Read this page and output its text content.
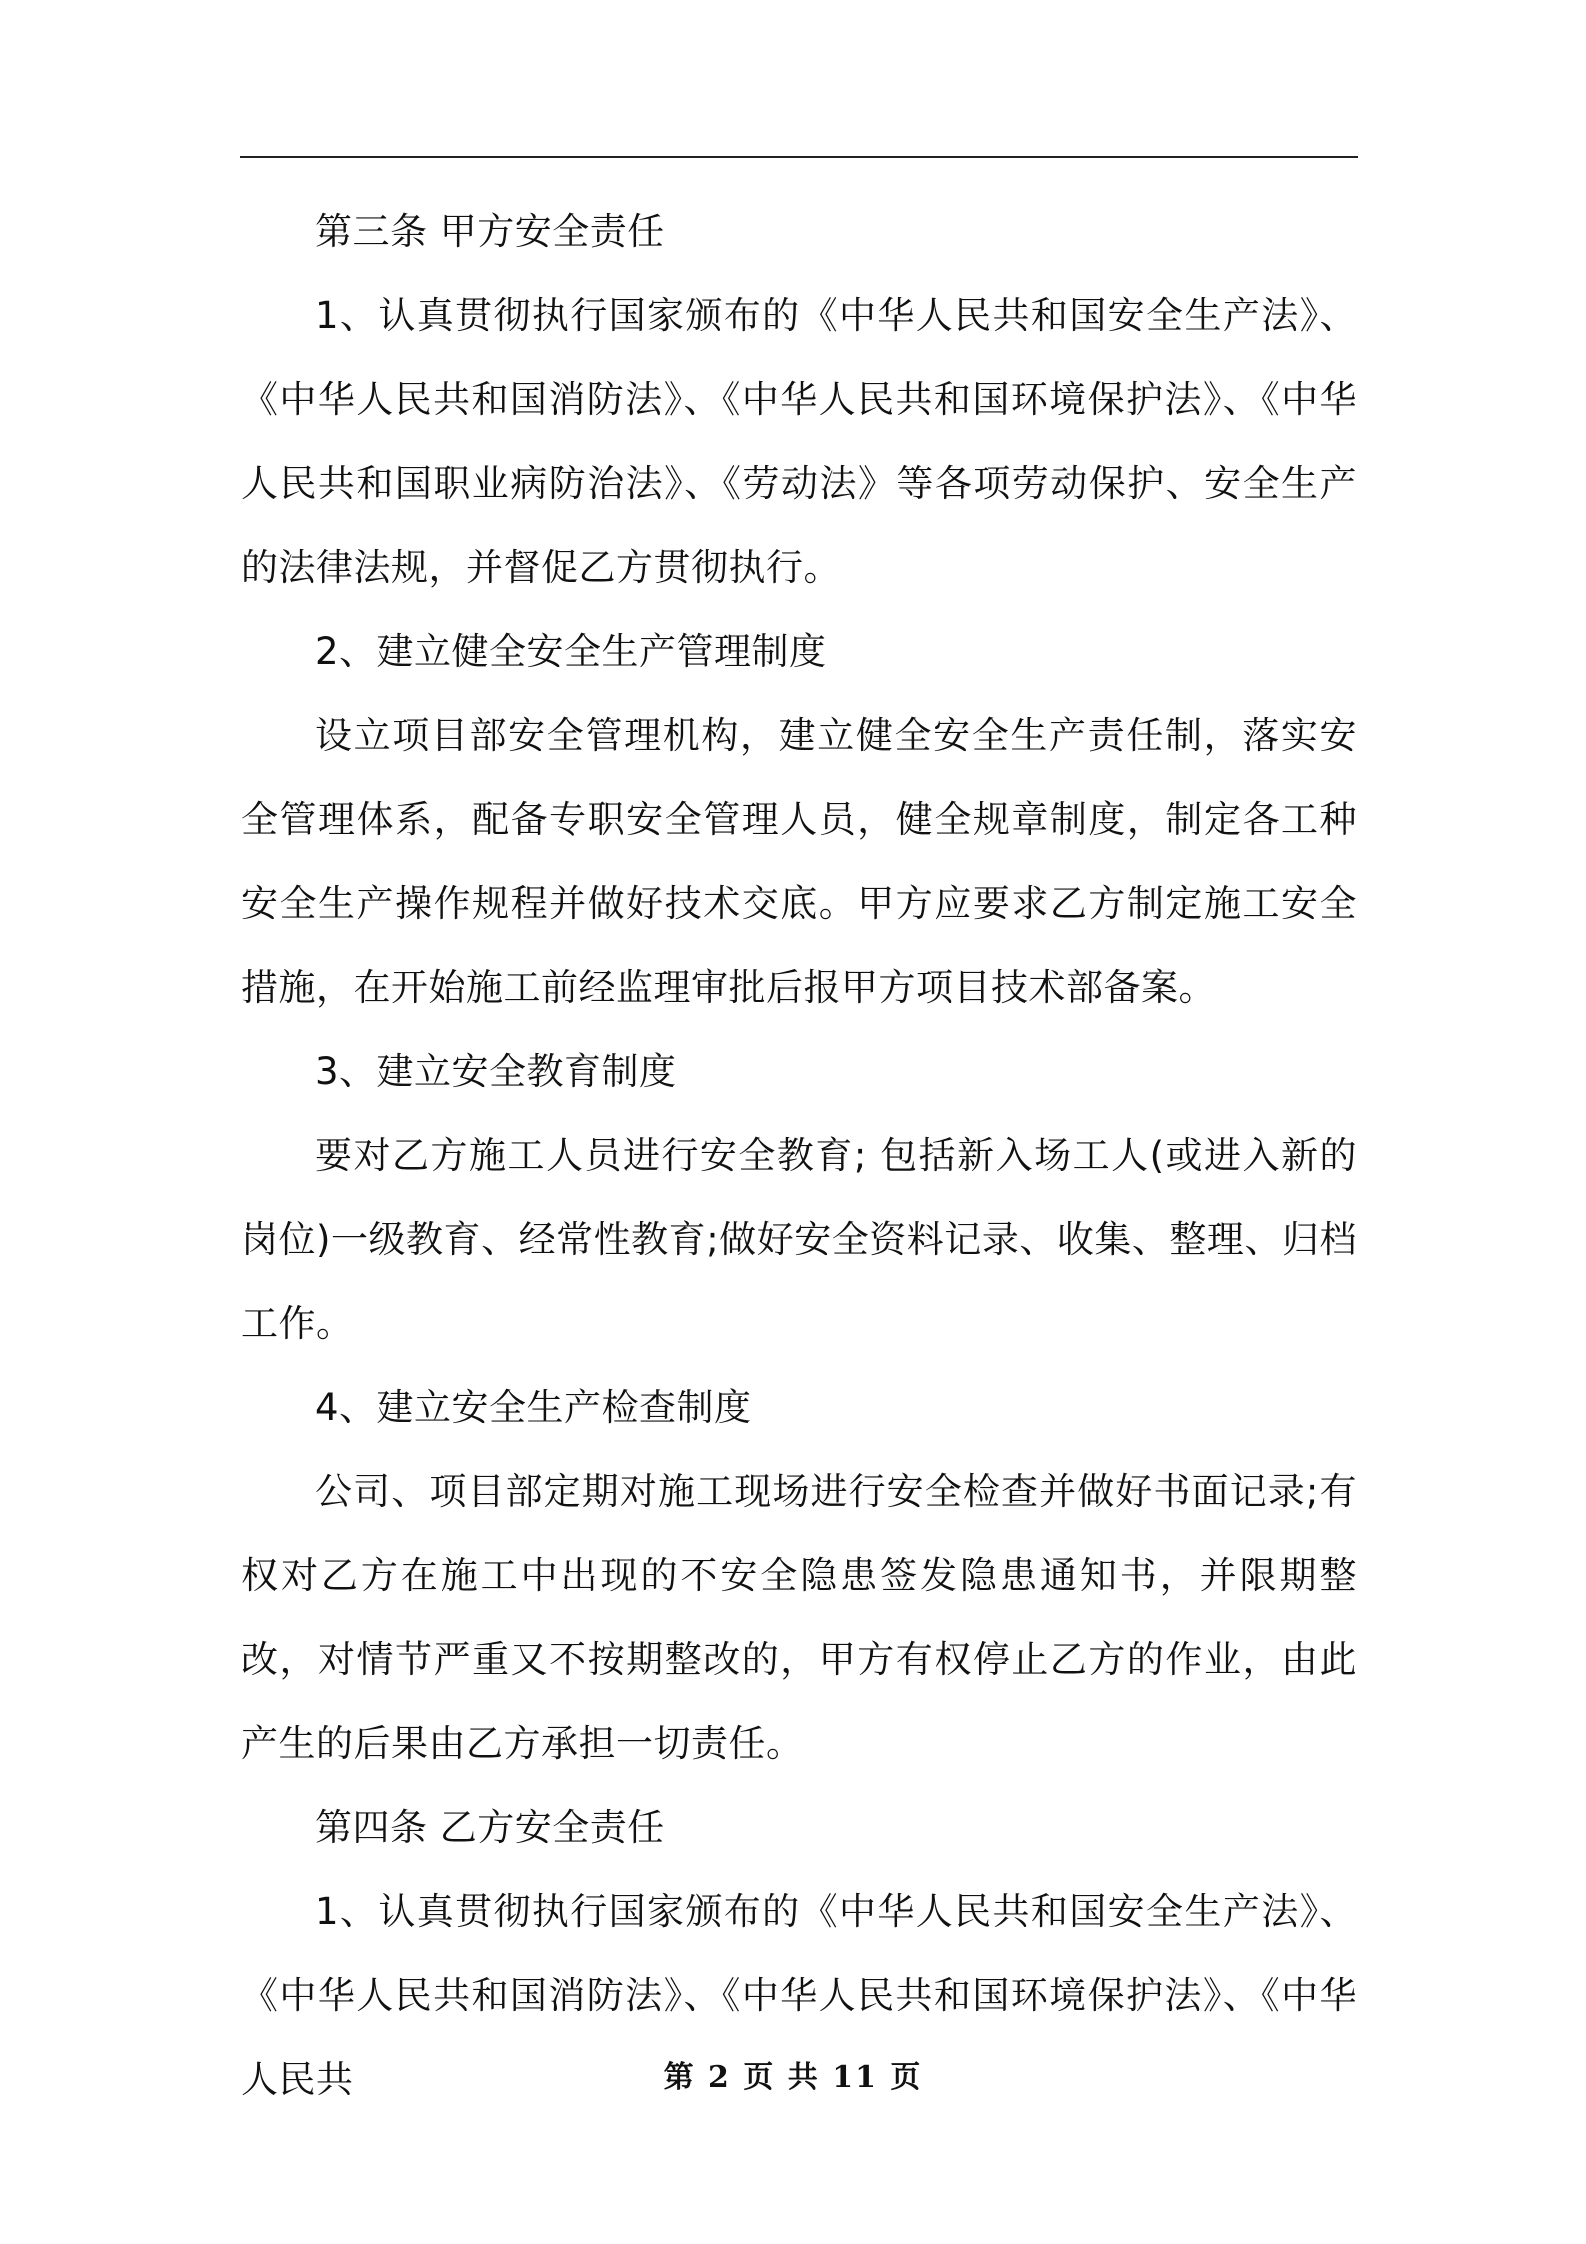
第三条 甲方安全责任

1、认真贯彻执行国家颁布的《中华人民共和国安全生产法》、《中华人民共和国消防法》、《中华人民共和国环境保护法》、《中华人民共和国职业病防治法》、《劳动法》等各项劳动保护、安全生产的法律法规，并督促乙方贯彻执行。

2、建立健全安全生产管理制度

设立项目部安全管理机构，建立健全安全生产责任制，落实安全管理体系，配备专职安全管理人员，健全规章制度，制定各工种安全生产操作规程并做好技术交底。甲方应要求乙方制定施工安全措施，在开始施工前经监理审批后报甲方项目技术部备案。

3、建立安全教育制度

要对乙方施工人员进行安全教育; 包括新入场工人(或进入新的岗位)一级教育、经常性教育;做好安全资料记录、收集、整理、归档工作。

4、建立安全生产检查制度

公司、项目部定期对施工现场进行安全检查并做好书面记录;有权对乙方在施工中出现的不安全隐患签发隐患通知书，并限期整改，对情节严重又不按期整改的，甲方有权停止乙方的作业，由此产生的后果由乙方承担一切责任。

第四条 乙方安全责任

1、认真贯彻执行国家颁布的《中华人民共和国安全生产法》、《中华人民共和国消防法》、《中华人民共和国环境保护法》、《中华人民共	第 2 页 共 11 页
